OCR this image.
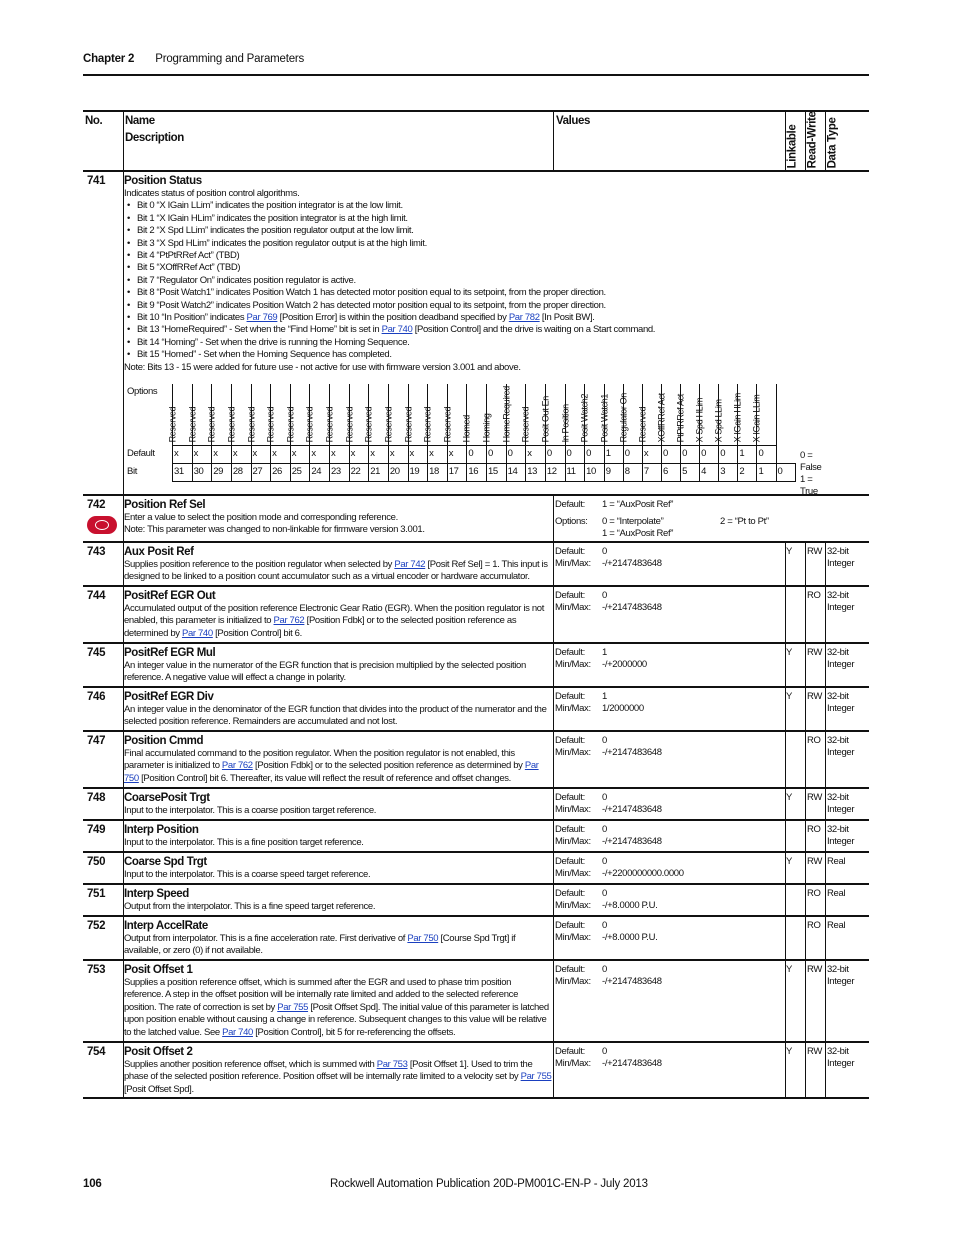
Chapter 2 Programming and Parameters
No. Name
Description
Values
Linkable Read-Write Data Type
741 Position Status
Indicates status of position control algorithms.
• Bit 0 “X IGain LLim” indicates the position integrator is at the low limit.
• Bit 1 “X IGain HLim” indicates the position integrator is at the high limit.
• Bit 2 “X Spd LLim” indicates the position regulator output at the low limit.
• Bit 3 “X Spd HLim” indicates the position regulator output is at the high limit.
• Bit 4 “PtPtRRef Act” (TBD)
• Bit 5 “XOffRRef Act” (TBD)
• Bit 7 “Regulator On” indicates position regulator is active.
• Bit 8 “Posit Watch1” indicates Position Watch 1 has detected motor position equal to its setpoint, from the proper direction.
• Bit 9 “Posit Watch2” indicates Position Watch 2 has detected motor position equal to its setpoint, from the proper direction.
• Bit 10 “In Position” indicates Par 769 [Position Error] is within the position deadband specified by Par 782 [In Posit BW].
• Bit 13 “HomeRequired” - Set when the “Find Home” bit is set in Par 740 [Position Control] and the drive is waiting on a Start command.
• Bit 14 “Homing” - Set when the drive is running the Homing Sequence.
• Bit 15 “Homed” - Set when the Homing Sequence has completed.
Note: Bits 13 - 15 were added for future use - not active for use with firmware version 3.001 and above.
Options
Default
Bit
Reserved	Reserved	Reserved	Reserved	Reserved	Reserved	Reserved	Reserved	Reserved	Reserved	Reserved	Reserved	Reserved	Reserved	Reserved	Homed	Homing	HomeRequired	Reserved	Posit Out En	In Position	Posit Watch2	Posit Watch1	Regulator On	Reserved	XOffRRef Act	PtPtRRef Act	X Spd HLim	X Spd LLim	X IGain HLim	X IGain LLim	

x	x	x	x	x	x	x	x	x	x	x	x	x	x	x	0	0	0	x	0	0	0	1	0	x	0	0	0	0	1	0	
31	30	29	28	27	26	25	24	23	22	21	20	19	18	17	16	15	14	13	12	11	10	9	8	7	6	5	4	3	2	1	0
0 = False
1 = True
742 Position Ref Sel
Enter a value to select the position mode and corresponding reference.
Note: This parameter was changed to non-linkable for firmware version 3.001.
Default: 1 = “AuxPosit Ref”
Options: 0 = “Interpolate”	2 = “Pt to Pt”
1 = “AuxPosit Ref”
743 Aux Posit Ref
Supplies position reference to the position regulator when selected by Par 742 [Posit Ref Sel] = 1. This input is designed to be linked to a position count accumulator such as a virtual encoder or hardware accumulator.
Default: 0
Min/Max: -/+2147483648
Y RW 32-bit Integer
744 PositRef EGR Out
Accumulated output of the position reference Electronic Gear Ratio (EGR). When the position regulator is not enabled, this parameter is initialized to Par 762 [Position Fdbk] or to the selected position reference as determined by Par 740 [Position Control] bit 6.
Default: 0
Min/Max: -/+2147483648
RO 32-bit Integer
745 PositRef EGR Mul
An integer value in the numerator of the EGR function that is precision multiplied by the selected position reference. A negative value will effect a change in polarity.
Default: 1
Min/Max: -/+2000000
Y RW 32-bit Integer
746 PositRef EGR Div
An integer value in the denominator of the EGR function that divides into the product of the numerator and the selected position reference. Remainders are accumulated and not lost.
Default: 1
Min/Max: 1/2000000
Y RW 32-bit Integer
747 Position Cmmd
Final accumulated command to the position regulator. When the position regulator is not enabled, this parameter is initialized to Par 762 [Position Fdbk] or to the selected position reference as determined by Par 750 [Position Control] bit 6. Thereafter, its value will reflect the result of reference and offset changes.
Default: 0
Min/Max: -/+2147483648
RO 32-bit Integer
748 CoarsePosit Trgt
Input to the interpolator. This is a coarse position target reference.
Default: 0
Min/Max: -/+2147483648
Y RW 32-bit Integer
749 Interp Position
Input to the interpolator. This is a fine position target reference.
Default: 0
Min/Max: -/+2147483648
RO 32-bit Integer
750 Coarse Spd Trgt
Input to the interpolator. This is a coarse speed target reference.
Default: 0
Min/Max: -/+2200000000.0000
Y RW Real
751 Interp Speed
Output from the interpolator. This is a fine speed target reference.
Default: 0
Min/Max: -/+8.0000 P.U.
RO Real
752 Interp AccelRate
Output from interpolator. This is a fine acceleration rate. First derivative of Par 750 [Course Spd Trgt] if available, or zero (0) if not available.
Default: 0
Min/Max: -/+8.0000 P.U.
RO Real
753 Posit Offset 1
Supplies a position reference offset, which is summed after the EGR and used to phase trim position reference. A step in the offset position will be internally rate limited and added to the selected reference position. The rate of correction is set by Par 755 [Posit Offset Spd]. The initial value of this parameter is latched upon position enable without causing a change in reference. Subsequent changes to this value will be relative to the latched value. See Par 740 [Position Control], bit 5 for re-referencing the offsets.
Default: 0
Min/Max: -/+2147483648
Y RW 32-bit Integer
754 Posit Offset 2
Supplies another position reference offset, which is summed with Par 753 [Posit Offset 1]. Used to trim the phase of the selected position reference. Position offset will be internally rate limited to a velocity set by Par 755 [Posit Offset Spd].
Default: 0
Min/Max: -/+2147483648
Y RW 32-bit Integer
106	Rockwell Automation Publication 20D-PM001C-EN-P - July 2013
